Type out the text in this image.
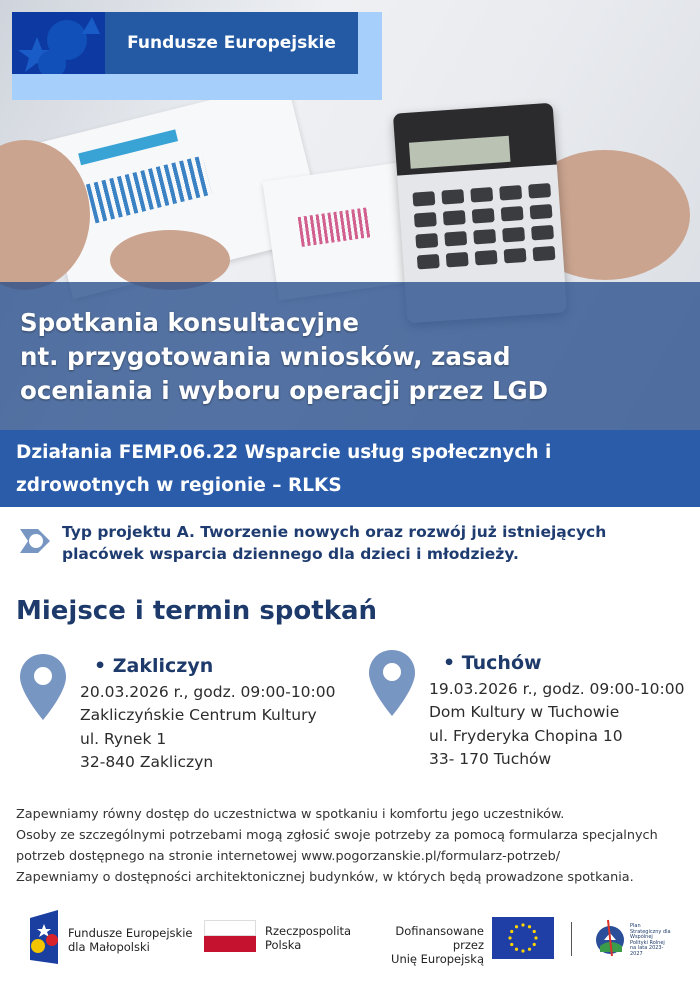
Fundusze Europejskie
Spotkania konsultacyjne
nt. przygotowania wniosków, zasad
oceniania i wyboru operacji przez LGD
Działania FEMP.06.22 Wsparcie usług społecznych i
zdrowotnych w regionie – RLKS
Typ projektu A. Tworzenie nowych oraz rozwój już istniejących
placówek wsparcia dziennego dla dzieci i młodzieży.
Miejsce i termin spotkań
• Zakliczyn
20.03.2026 r., godz. 09:00-10:00
Zakliczyńskie Centrum Kultury
ul. Rynek 1
32-840 Zakliczyn
• Tuchów
19.03.2026 r., godz. 09:00-10:00
Dom Kultury w Tuchowie
ul. Fryderyka Chopina 10
33- 170 Tuchów
Zapewniamy równy dostęp do uczestnictwa w spotkaniu i komfortu jego uczestników.
Osoby ze szczególnymi potrzebami mogą zgłosić swoje potrzeby za pomocą formularza specjalnych
potrzeb dostępnego na stronie internetowej www.pogorzanskie.pl/formularz-potrzeb/
Zapewniamy o dostępności architektonicznej budynków, w których będą prowadzone spotkania.
Fundusze Europejskie
dla Małopolski
Rzeczpospolita
Polska
Dofinansowane przez
Unię Europejską
Plan Strategiczny dla Wspólnej Polityki Rolnej na lata 2023-2027
